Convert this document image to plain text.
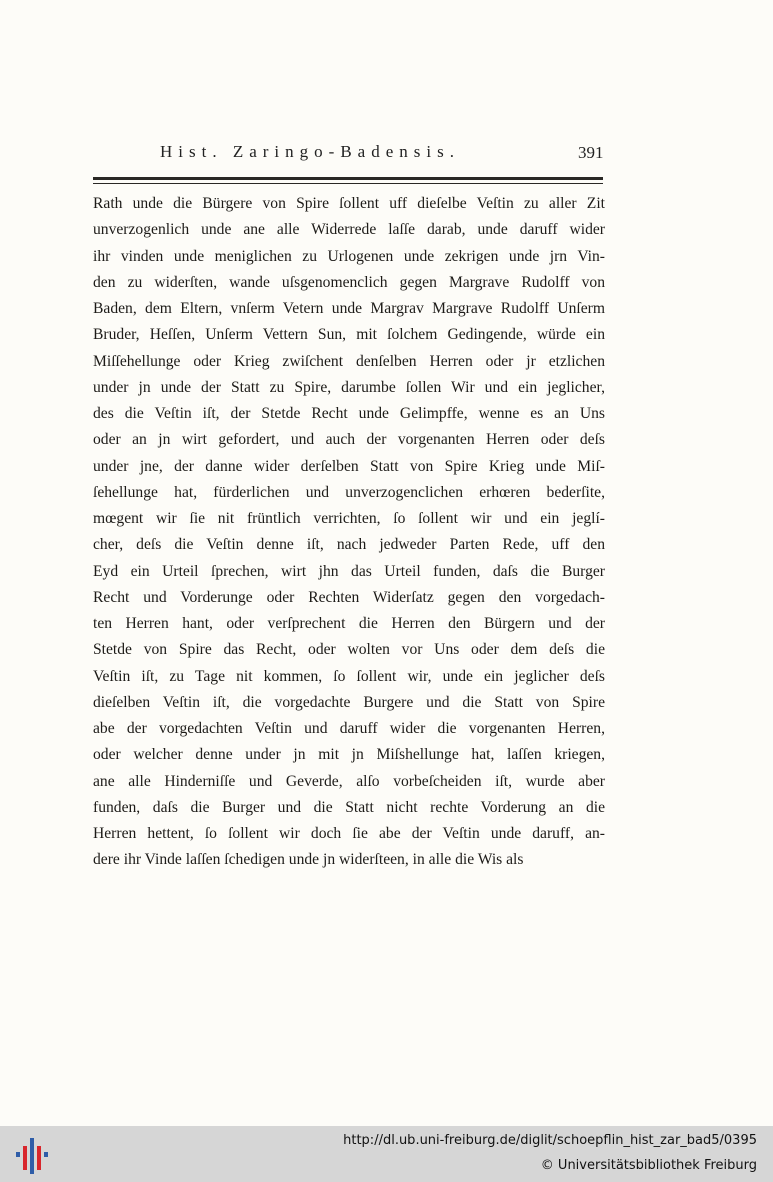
Hist. Zaringo-Badensis.	391
Rath unde die Bürgere von Spire ſollent uff dieſelbe Veſtin zu aller Zit
unverzogenlich unde ane alle Widerrede laſſe darab, unde daruff wider
ihr vinden unde meniglichen zu Urlogenen unde zekrigen unde jrn Vin-
den zu widerſten, wande uſsgenomenclich gegen Margrave Rudolff von
Baden, dem Eltern, vnſerm Vetern unde Margrav Margrave Rudolff Unſerm
Bruder, Heſſen, Unſerm Vettern Sun, mit ſolchem Gedingende, würde ein
Miſſehellunge oder Krieg zwiſchent denſelben Herren oder jr etzlichen
under jn unde der Statt zu Spire, darumbe ſollen Wir und ein jeglicher,
des die Veſtin iſt, der Stetde Recht unde Gelimpffe, wenne es an Uns
oder an jn wirt gefordert, und auch der vorgenanten Herren oder deſs
under jne, der danne wider derſelben Statt von Spire Krieg unde Miſ-
ſehellunge hat, fürderlichen und unverzogenclichen erhœren bederſite,
mœgent wir ſie nit früntlich verrichten, ſo ſollent wir und ein jeglí-
cher, deſs die Veſtin denne iſt, nach jedweder Parten Rede, uff den
Eyd ein Urteil ſprechen, wirt jhn das Urteil funden, daſs die Burger
Recht und Vorderunge oder Rechten Widerſatz gegen den vorgedach-
ten Herren hant, oder verſprechent die Herren den Bürgern und der
Stetde von Spire das Recht, oder wolten vor Uns oder dem deſs die
Veſtin iſt, zu Tage nit kommen, ſo ſollent wir, unde ein jeglicher deſs
dieſelben Veſtin iſt, die vorgedachte Burgere und die Statt von Spire
abe der vorgedachten Veſtin und daruff wider die vorgenanten Herren,
oder welcher denne under jn mit jn Miſshellunge hat, laſſen kriegen,
ane alle Hinderniſſe und Geverde, alſo vorbeſcheiden iſt, wurde aber
funden, daſs die Burger und die Statt nicht rechte Vorderung an die
Herren hettent, ſo ſollent wir doch ſie abe der Veſtin unde daruff, an-
dere ihr Vinde laſſen ſchedigen unde jn widerſteen, in alle die Wis als
http://dl.ub.uni-freiburg.de/diglit/schoepflin_hist_zar_bad5/0395
© Universitätsbibliothek Freiburg
